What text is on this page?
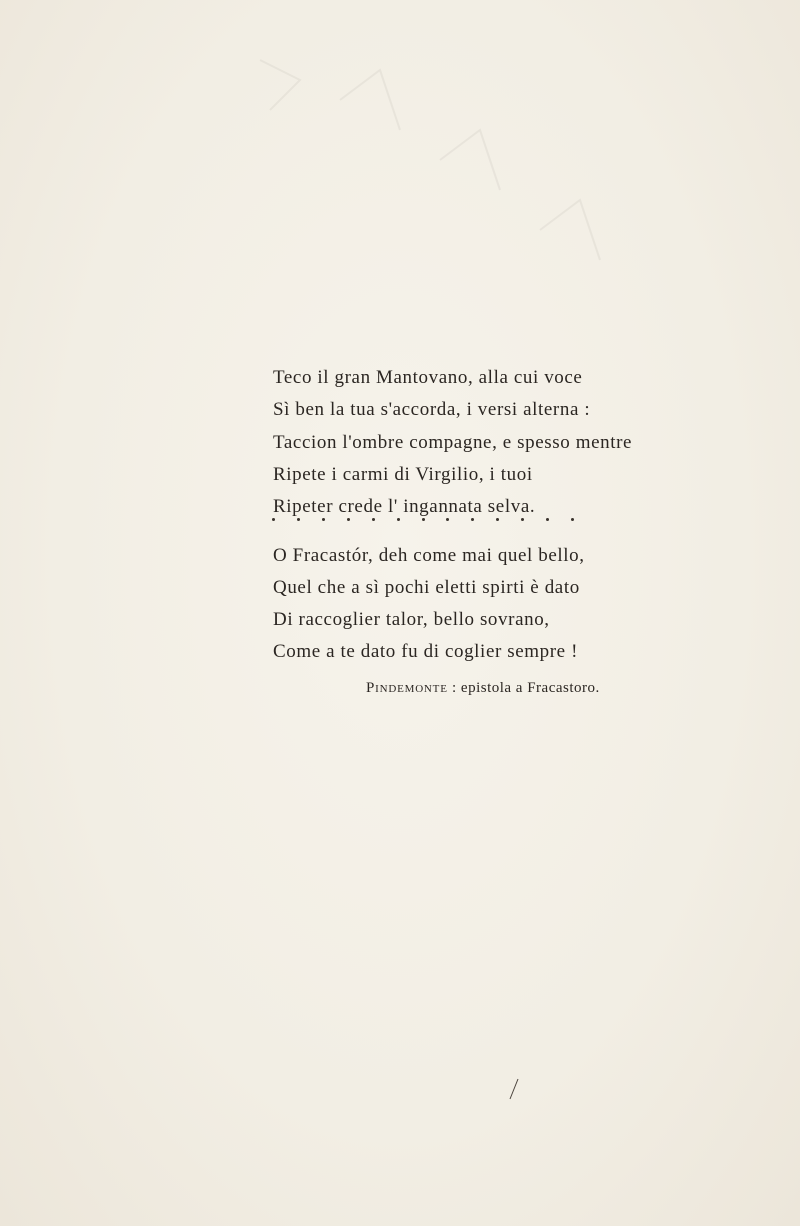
Teco il gran Mantovano, alla cui voce
Sì ben la tua s'accorda, i versi alterna :
Taccion l'ombre compagne, e spesso mentre
Ripete i carmi di Virgilio, i tuoi
Ripeter crede l' ingannata selva.
O Fracastór, deh come mai quel bello,
Quel che a sì pochi eletti spirti è dato
Di raccoglier talor, bello sovrano,
Come a te dato fu di coglier sempre !
Pindemonte : epistola a Fracastoro.
